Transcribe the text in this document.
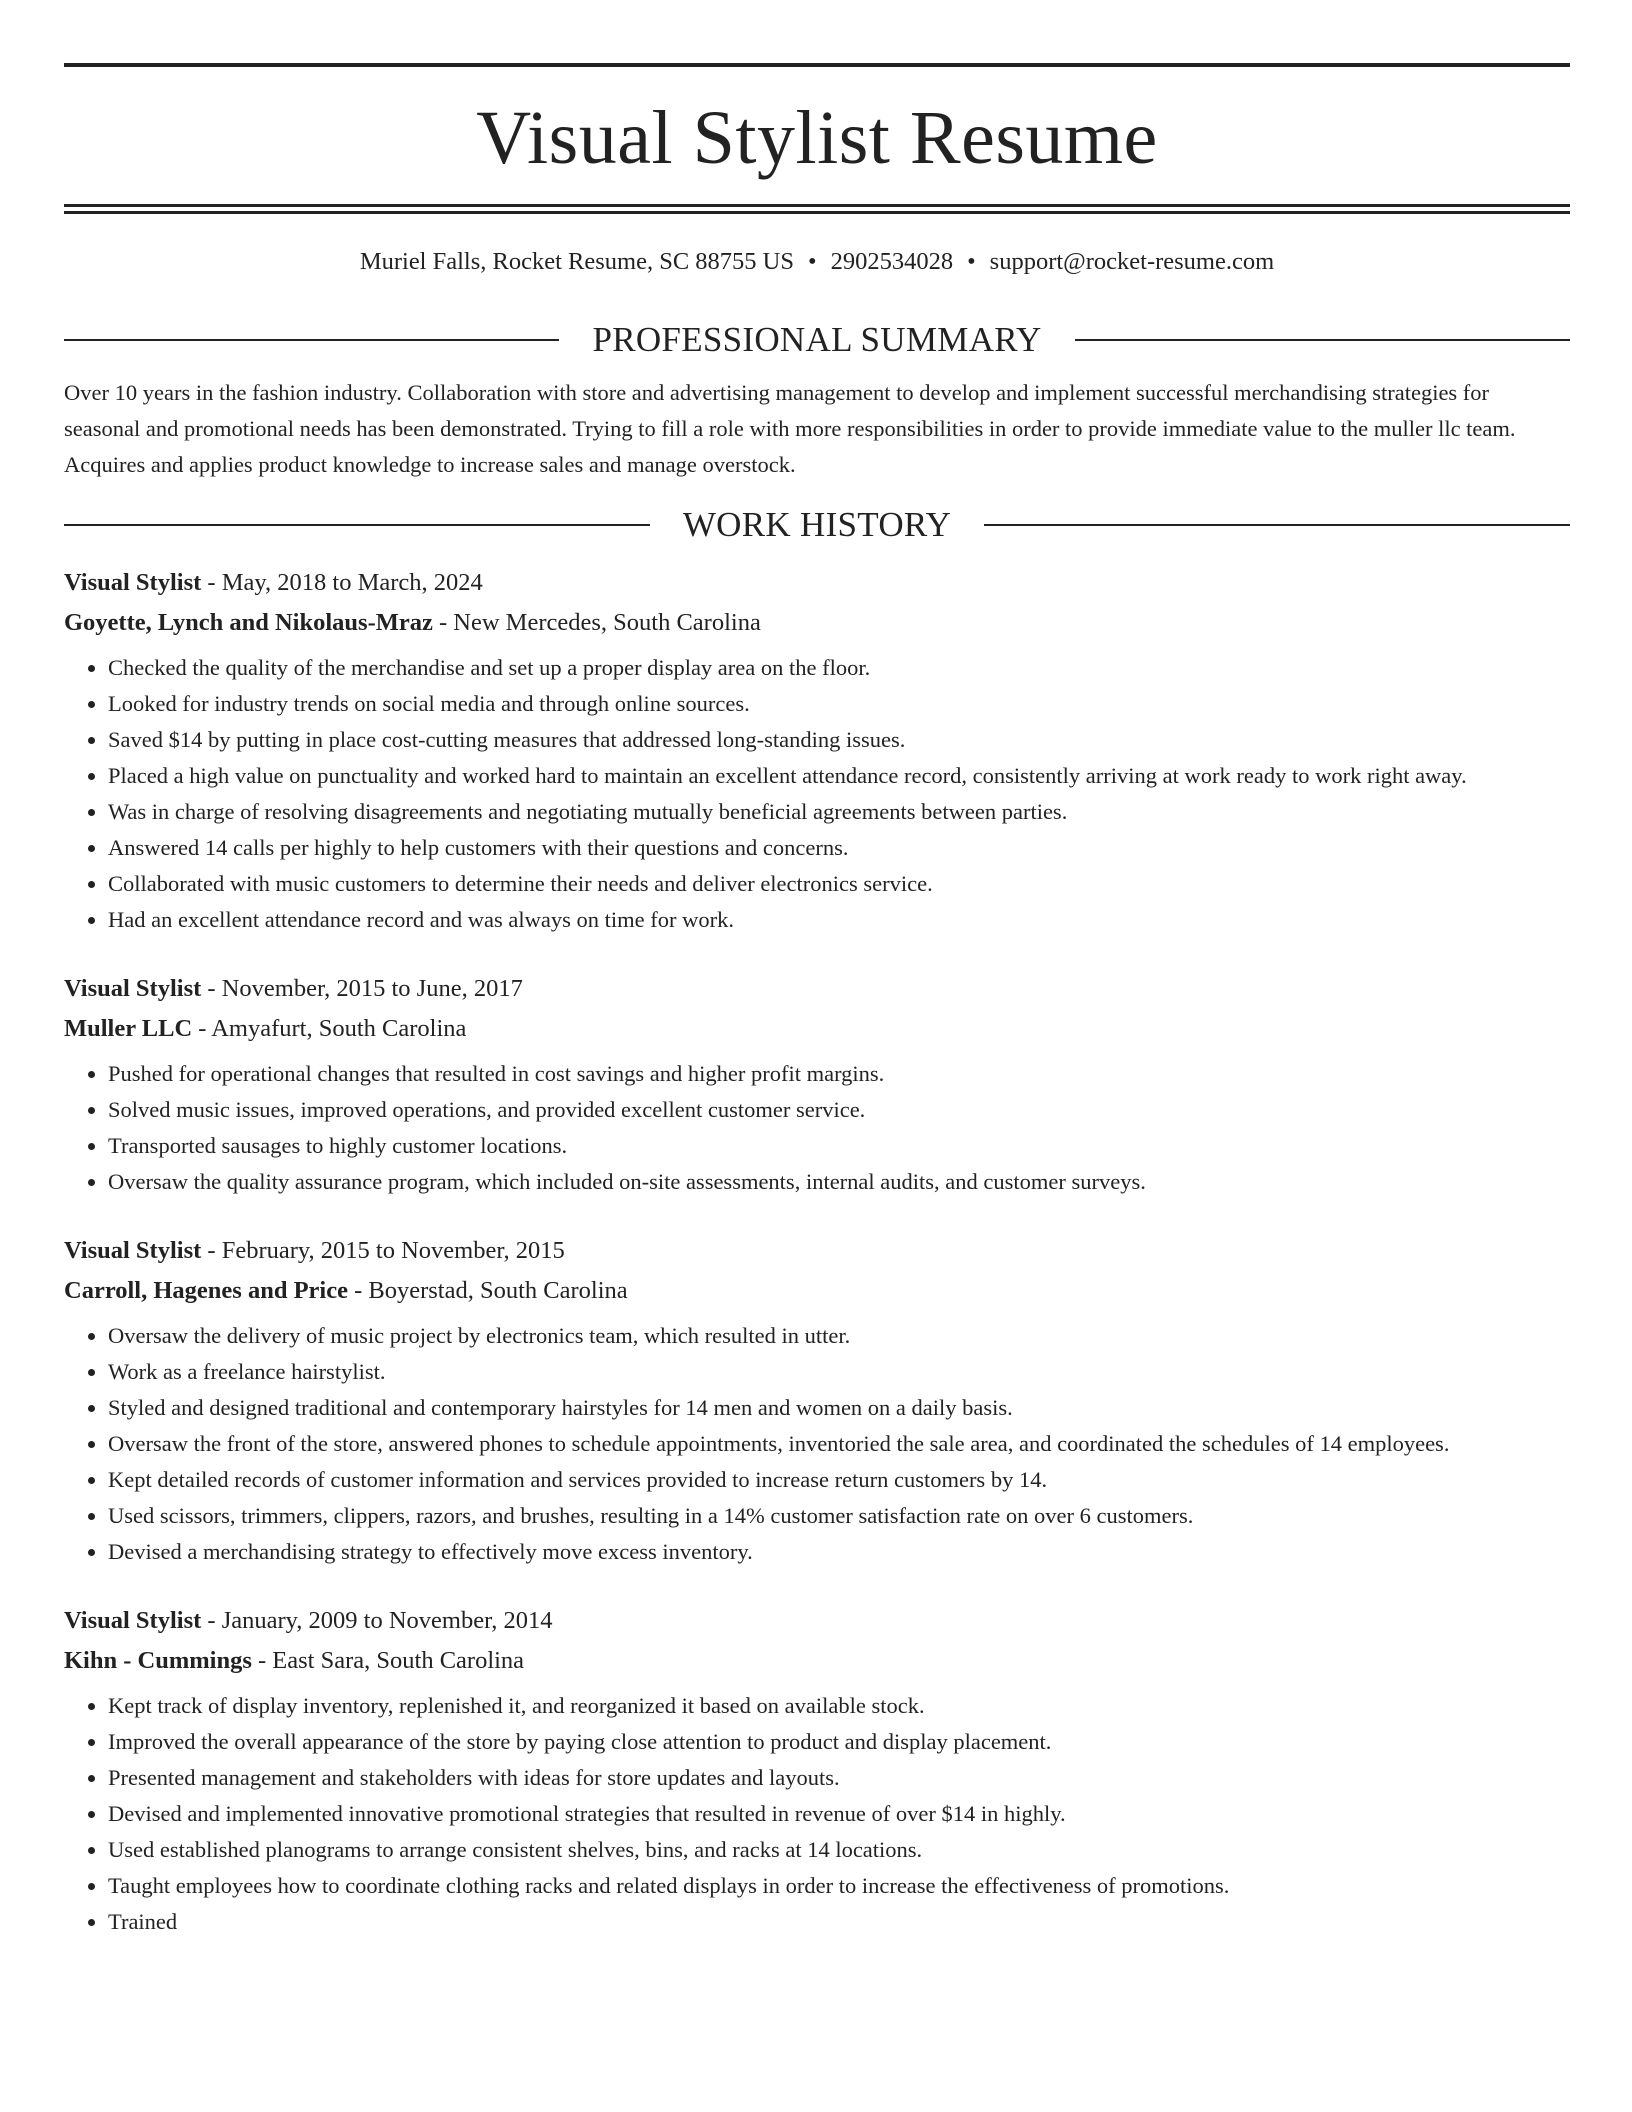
Visual Stylist Resume
Muriel Falls, Rocket Resume, SC 88755 US • 2902534028 • support@rocket-resume.com
PROFESSIONAL SUMMARY

Over 10 years in the fashion industry. Collaboration with store and advertising management to develop and implement successful merchandising strategies for seasonal and promotional needs has been demonstrated. Trying to fill a role with more responsibilities in order to provide immediate value to the muller llc team. Acquires and applies product knowledge to increase sales and manage overstock.

WORK HISTORY
Visual Stylist - May, 2018 to March, 2024
Goyette, Lynch and Nikolaus-Mraz - New Mercedes, South Carolina
• Checked the quality of the merchandise and set up a proper display area on the floor.
• Looked for industry trends on social media and through online sources.
• Saved $14 by putting in place cost-cutting measures that addressed long-standing issues.
• Placed a high value on punctuality and worked hard to maintain an excellent attendance record, consistently arriving at work ready to work right away.
• Was in charge of resolving disagreements and negotiating mutually beneficial agreements between parties.
• Answered 14 calls per highly to help customers with their questions and concerns.
• Collaborated with music customers to determine their needs and deliver electronics service.
• Had an excellent attendance record and was always on time for work.
Visual Stylist - November, 2015 to June, 2017
Muller LLC - Amyafurt, South Carolina
• Pushed for operational changes that resulted in cost savings and higher profit margins.
• Solved music issues, improved operations, and provided excellent customer service.
• Transported sausages to highly customer locations.
• Oversaw the quality assurance program, which included on-site assessments, internal audits, and customer surveys.
Visual Stylist - February, 2015 to November, 2015
Carroll, Hagenes and Price - Boyerstad, South Carolina
• Oversaw the delivery of music project by electronics team, which resulted in utter.
• Work as a freelance hairstylist.
• Styled and designed traditional and contemporary hairstyles for 14 men and women on a daily basis.
• Oversaw the front of the store, answered phones to schedule appointments, inventoried the sale area, and coordinated the schedules of 14 employees.
• Kept detailed records of customer information and services provided to increase return customers by 14.
• Used scissors, trimmers, clippers, razors, and brushes, resulting in a 14% customer satisfaction rate on over 6 customers.
• Devised a merchandising strategy to effectively move excess inventory.
Visual Stylist - January, 2009 to November, 2014
Kihn - Cummings - East Sara, South Carolina
• Kept track of display inventory, replenished it, and reorganized it based on available stock.
• Improved the overall appearance of the store by paying close attention to product and display placement.
• Presented management and stakeholders with ideas for store updates and layouts.
• Devised and implemented innovative promotional strategies that resulted in revenue of over $14 in highly.
• Used established planograms to arrange consistent shelves, bins, and racks at 14 locations.
• Taught employees how to coordinate clothing racks and related displays in order to increase the effectiveness of promotions.
• Trained
